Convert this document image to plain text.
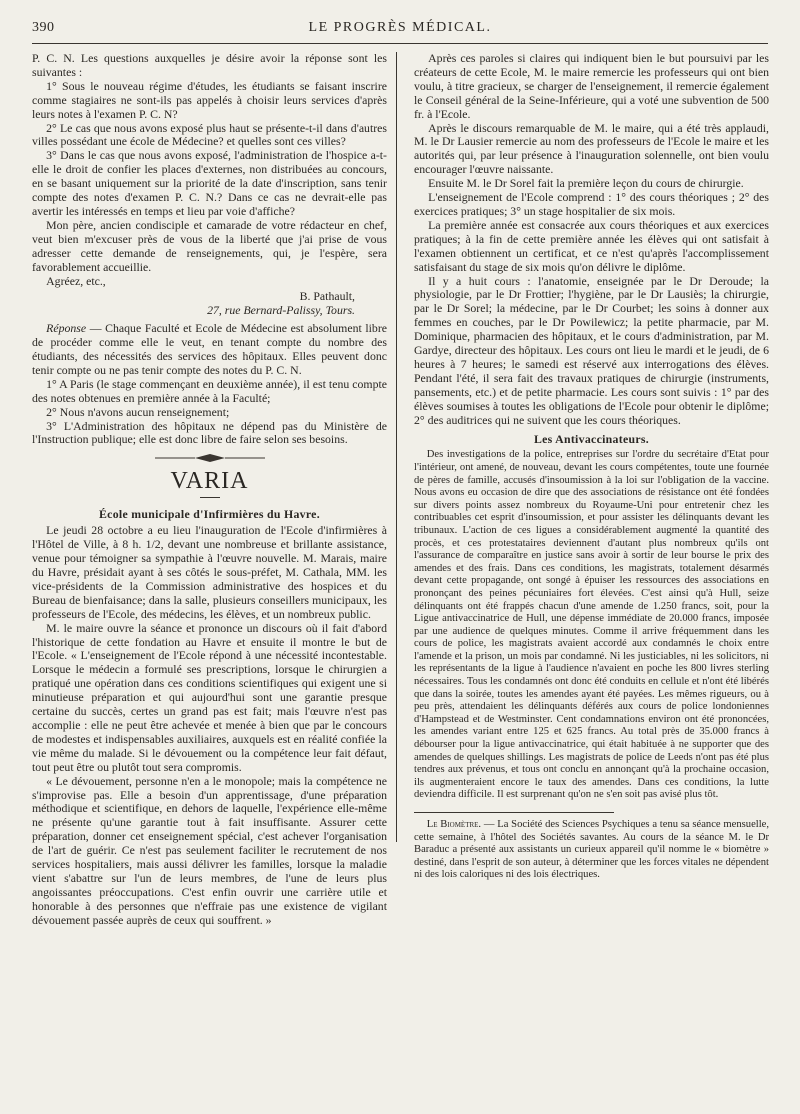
390	LE PROGRÈS MÉDICAL.

P. C. N. Les questions auxquelles je désire avoir la réponse sont les suivantes :

1° Sous le nouveau régime d'études, les étudiants se faisant inscrire comme stagiaires ne sont-ils pas appelés à choisir leurs services d'après leurs notes à l'examen P. C. N?

2° Le cas que nous avons exposé plus haut se présente-t-il dans d'autres villes possédant une école de Médecine? et quelles sont ces villes?

3° Dans le cas que nous avons exposé, l'administration de l'hospice a-t-elle le droit de confier les places d'externes, non distribuées au concours, en se basant uniquement sur la priorité de la date d'inscription, sans tenir compte des notes d'examen P. C. N.? Dans ce cas ne devrait-elle pas avertir les intéressés en temps et lieu par voie d'affiche?

Mon père, ancien condisciple et camarade de votre rédacteur en chef, veut bien m'excuser près de vous de la liberté que j'ai prise de vous adresser cette demande de renseignements, qui, je l'espère, sera favorablement accueillie.

Agréez, etc.,

B. Pathault,
27, rue Bernard-Palissy, Tours.

Réponse — Chaque Faculté et Ecole de Médecine est absolument libre de procéder comme elle le veut, en tenant compte du nombre des étudiants, des nécessités des services des hôpitaux. Elles peuvent donc tenir compte ou ne pas tenir compte des notes du P. C. N.

1° A Paris (le stage commençant en deuxième année), il est tenu compte des notes obtenues en première année à la Faculté;

2° Nous n'avons aucun renseignement;

3° L'Administration des hôpitaux ne dépend pas du Ministère de l'Instruction publique; elle est donc libre de faire selon ses besoins.

VARIA
École municipale d'Infirmières du Havre.

Le jeudi 28 octobre a eu lieu l'inauguration de l'Ecole d'infirmières à l'Hôtel de Ville, à 8 h. 1/2, devant une nombreuse et brillante assistance, venue pour témoigner sa sympathie à l'œuvre nouvelle. M. Marais, maire du Havre, présidait ayant à ses côtés le sous-préfet, M. Cathala, MM. les vice-présidents de la Commission administrative des hospices et du Bureau de bienfaisance; dans la salle, plusieurs conseillers municipaux, les professeurs de l'Ecole, des médecins, les élèves, et un nombreux public.

M. le maire ouvre la séance et prononce un discours où il fait d'abord l'historique de cette fondation au Havre et ensuite il montre le but de l'Ecole. « L'enseignement de l'Ecole répond à une nécessité incontestable. Lorsque le médecin a formulé ses prescriptions, lorsque le chirurgien a pratiqué une opération dans ces conditions scientifiques qui exigent une si minutieuse préparation et qui aujourd'hui sont une garantie presque certaine du succès, certes un grand pas est fait; mais l'œuvre n'est pas accomplie : elle ne peut être achevée et menée à bien que par le concours de modestes et indispensables auxiliaires, auxquels est en réalité confiée la vie même du malade. Si le dévouement ou la compétence leur fait défaut, tout peut être ou plutôt tout sera compromis.

« Le dévouement, personne n'en a le monopole; mais la compétence ne s'improvise pas. Elle a besoin d'un apprentissage, d'une préparation méthodique et scientifique, en dehors de laquelle, l'expérience elle-même ne présente qu'une garantie tout à fait insuffisante. Assurer cette préparation, donner cet enseignement spécial, c'est achever l'organisation de l'art de guérir. Ce n'est pas seulement faciliter le recrutement de nos services hospitaliers, mais aussi délivrer les familles, lorsque la maladie vient s'abattre sur l'un de leurs membres, de l'une de leurs plus angoissantes préoccupations. C'est enfin ouvrir une carrière utile et honorable à des personnes que n'effraie pas une existence de vigilant dévouement passée auprès de ceux qui souffrent. »

Après ces paroles si claires qui indiquent bien le but poursuivi par les créateurs de cette Ecole, M. le maire remercie les professeurs qui ont bien voulu, à titre gracieux, se charger de l'enseignement, il remercie également le Conseil général de la Seine-Inférieure, qui a voté une subvention de 500 fr. à l'Ecole.

Après le discours remarquable de M. le maire, qui a été très applaudi, M. le Dr Lausier remercie au nom des professeurs de l'Ecole le maire et les autorités qui, par leur présence à l'inauguration solennelle, ont bien voulu encourager l'œuvre naissante.

Ensuite M. le Dr Sorel fait la première leçon du cours de chirurgie.

L'enseignement de l'Ecole comprend : 1° des cours théoriques ; 2° des exercices pratiques; 3° un stage hospitalier de six mois.

La première année est consacrée aux cours théoriques et aux exercices pratiques; à la fin de cette première année les élèves qui ont satisfait à l'examen obtiennent un certificat, et ce n'est qu'après l'accomplissement satisfaisant du stage de six mois qu'on délivre le diplôme.

Il y a huit cours : l'anatomie, enseignée par le Dr Deroude; la physiologie, par le Dr Frottier; l'hygiène, par le Dr Lausiès; la chirurgie, par le Dr Sorel; la médecine, par le Dr Courbet; les soins à donner aux femmes en couches, par le Dr Powilewicz; la petite pharmacie, par M. Dominique, pharmacien des hôpitaux, et le cours d'administration, par M. Gardye, directeur des hôpitaux. Les cours ont lieu le mardi et le jeudi, de 6 heures à 7 heures; le samedi est réservé aux interrogations des élèves. Pendant l'été, il sera fait des travaux pratiques de chirurgie (instruments, pansements, etc.) et de petite pharmacie. Les cours sont suivis : 1° par des élèves soumises à toutes les obligations de l'Ecole pour obtenir le diplôme; 2° des auditrices qui ne suivent que les cours théoriques.

Les Antivaccinateurs.

Des investigations de la police, entreprises sur l'ordre du secrétaire d'Etat pour l'intérieur, ont amené, de nouveau, devant les cours compétentes, toute une fournée de pères de famille, accusés d'insoumission à la loi sur l'obligation de la vaccine. Nous avons eu occasion de dire que des associations de résistance ont été fondées sur divers points assez nombreux du Royaume-Uni pour entretenir chez les contribuables cet esprit d'insoumission, et pour assister les délinquants devant les tribunaux. L'action de ces ligues a considérablement augmenté la quantité des procès, et ces protestataires deviennent d'autant plus nombreux qu'ils ont l'assurance de comparaître en justice sans avoir à sortir de leur bourse le prix des amendes et des frais. Dans ces conditions, les magistrats, totalement désarmés devant cette propagande, ont songé à épuiser les ressources des associations en prononçant des peines pécuniaires fort élevées. C'est ainsi qu'à Hull, seize délinquants ont été frappés chacun d'une amende de 1.250 francs, soit, pour la Ligue antivaccinatrice de Hull, une dépense immédiate de 20.000 francs, imposée par une audience de quelques minutes. Comme il arrive fréquemment dans les cours de police, les magistrats avaient accordé aux condamnés le choix entre l'amende et la prison, un mois par condamné. Ni les justiciables, ni les solicitors, ni les représentants de la ligue à l'audience n'avaient en poche les 800 livres sterling nécessaires. Tous les condamnés ont donc été conduits en cellule et n'ont été libérés que dans la soirée, toutes les amendes ayant été payées. Les mêmes rigueurs, ou à peu près, attendaient les délinquants déférés aux cours de police londoniennes d'Hampstead et de Westminster. Cent condamnations environ ont été prononcées, les amendes variant entre 125 et 625 francs. Au total près de 35.000 francs à débourser pour la ligue antivaccinatrice, qui était habituée à ne supporter que des amendes de quelques shillings. Les magistrats de police de Leeds n'ont pas été plus tendres aux prévenus, et tous ont conclu en annonçant qu'à la prochaine occasion, ils augmenteraient encore le taux des amendes. Dans ces conditions, la lutte deviendra difficile. Il est surprenant qu'on ne s'en soit pas avisé plus tôt.

Le Biomètre. — La Société des Sciences Psychiques a tenu sa séance mensuelle, cette semaine, à l'hôtel des Sociétés savantes. Au cours de la séance M. le Dr Baraduc a présenté aux assistants un curieux appareil qu'il nomme le « biomètre » destiné, dans l'esprit de son auteur, à déterminer que les forces vitales ne dépendent ni des lois caloriques ni des lois électriques.
